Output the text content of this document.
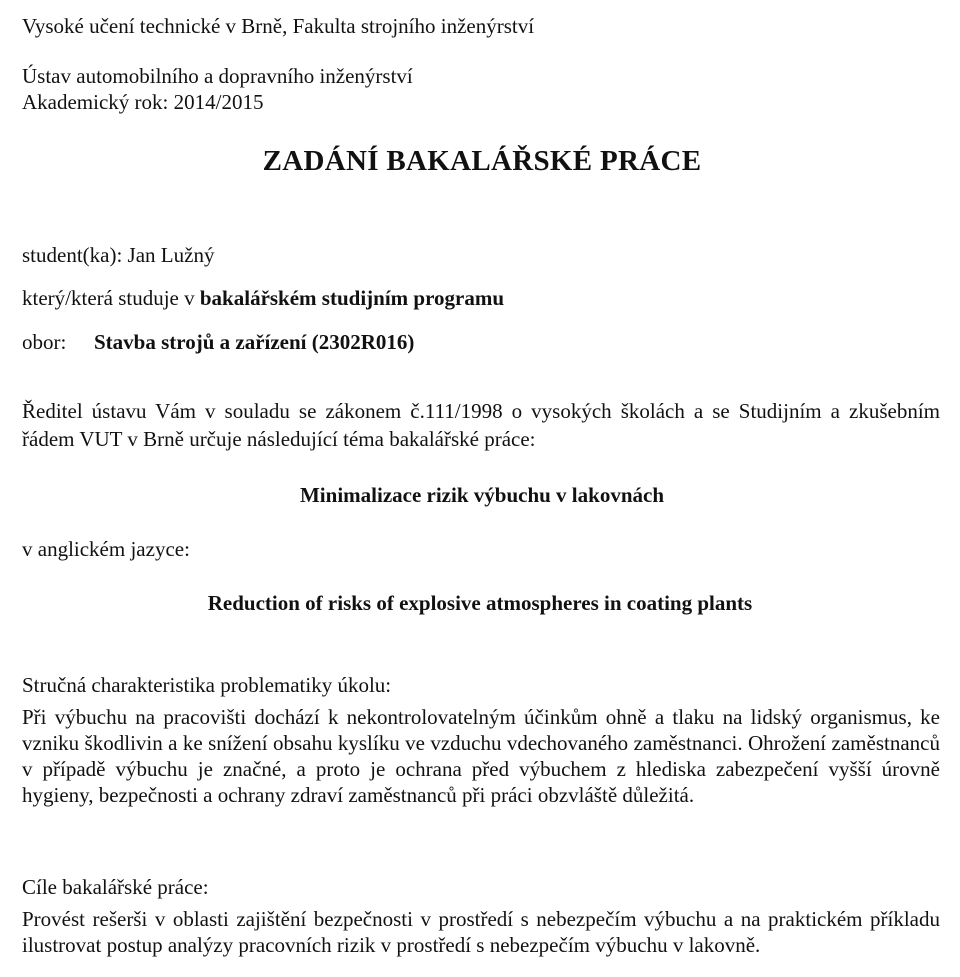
Vysoké učení technické v Brně, Fakulta strojního inženýrství

Ústav automobilního a dopravního inženýrství

Akademický rok: 2014/2015

ZADÁNÍ BAKALÁŘSKÉ PRÁCE

student(ka): Jan Lužný

který/která studuje v bakalářském studijním programu

obor: Stavba strojů a zařízení (2302R016)

Ředitel ústavu Vám v souladu se zákonem č.111/1998 o vysokých školách a se Studijním a zkušebním řádem VUT v Brně určuje následující téma bakalářské práce:

Minimalizace rizik výbuchu v lakovnách

v anglickém jazyce:

Reduction of risks of explosive atmospheres in coating plants

Stručná charakteristika problematiky úkolu:

Při výbuchu na pracovišti dochází k nekontrolovatelným účinkům ohně a tlaku na lidský organismus, ke vzniku škodlivin a ke snížení obsahu kyslíku ve vzduchu vdechovaného zaměstnanci. Ohrožení zaměstnanců v případě výbuchu je značné, a proto je ochrana před výbuchem z hlediska zabezpečení vyšší úrovně hygieny, bezpečnosti a ochrany zdraví zaměstnanců při práci obzvláště důležitá.

Cíle bakalářské práce:

Provést rešerši v oblasti zajištění bezpečnosti v prostředí s nebezpečím výbuchu a na praktickém příkladu ilustrovat postup analýzy pracovních rizik v prostředí s nebezpečím výbuchu v lakovně.
